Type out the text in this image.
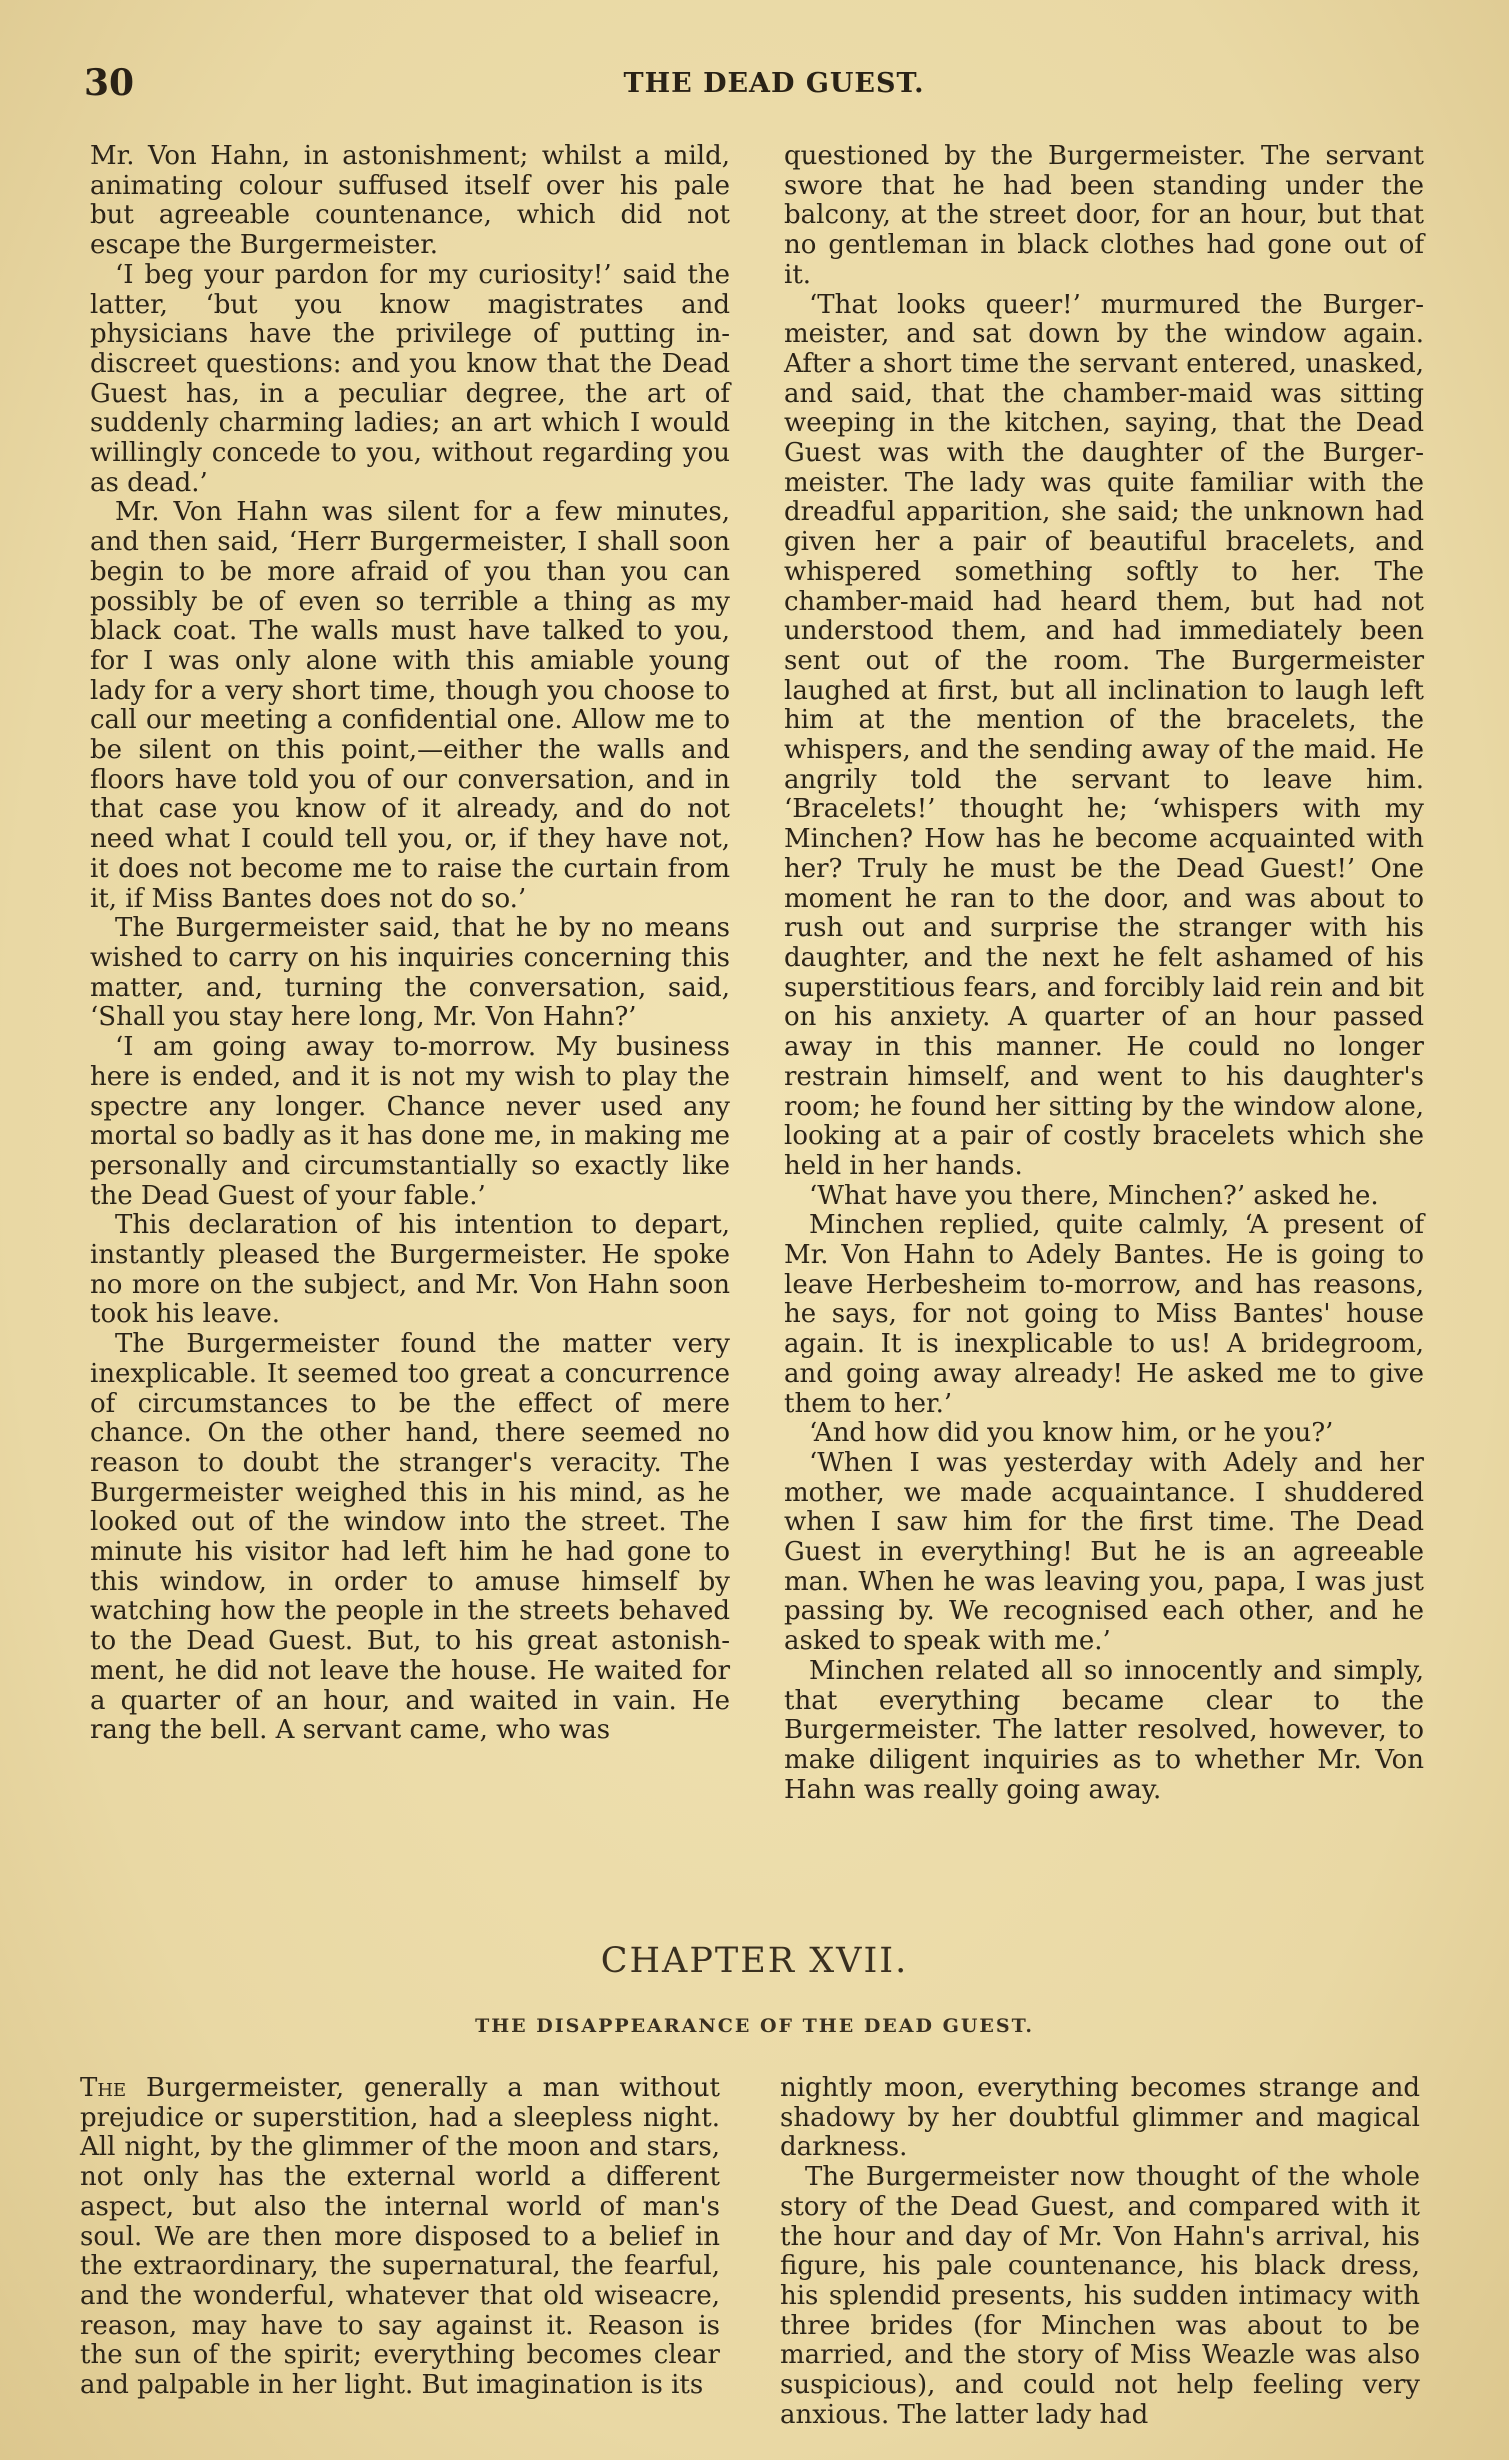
30	THE DEAD GUEST.

Mr. Von Hahn, in astonishment; whilst a mild, animating colour suffused itself over his pale but agreeable countenance, which did not escape the Burgermeister.

‘I beg your pardon for my curiosity!’ said the latter, ‘but you know magistrates and physicians have the privilege of putting indiscreet questions: and you know that the Dead Guest has, in a peculiar degree, the art of suddenly charming ladies; an art which I would willingly concede to you, without regarding you as dead.’

Mr. Von Hahn was silent for a few minutes, and then said, ‘Herr Burgermeister, I shall soon begin to be more afraid of you than you can possibly be of even so terrible a thing as my black coat. The walls must have talked to you, for I was only alone with this amiable young lady for a very short time, though you choose to call our meeting a confidential one. Allow me to be silent on this point,—either the walls and floors have told you of our conversation, and in that case you know of it already, and do not need what I could tell you, or, if they have not, it does not become me to raise the curtain from it, if Miss Bantes does not do so.’

The Burgermeister said, that he by no means wished to carry on his inquiries concerning this matter, and, turning the conversation, said, ‘Shall you stay here long, Mr. Von Hahn?’

‘I am going away to-morrow. My business here is ended, and it is not my wish to play the spectre any longer. Chance never used any mortal so badly as it has done me, in making me personally and circumstantially so exactly like the Dead Guest of your fable.’

This declaration of his intention to depart, instantly pleased the Burgermeister. He spoke no more on the subject, and Mr. Von Hahn soon took his leave.

The Burgermeister found the matter very inexplicable. It seemed too great a concurrence of circumstances to be the effect of mere chance. On the other hand, there seemed no reason to doubt the stranger's veracity. The Burgermeister weighed this in his mind, as he looked out of the window into the street. The minute his visitor had left him he had gone to this window, in order to amuse himself by watching how the people in the streets behaved to the Dead Guest. But, to his great astonishment, he did not leave the house. He waited for a quarter of an hour, and waited in vain. He rang the bell. A servant came, who was

questioned by the Burgermeister. The servant swore that he had been standing under the balcony, at the street door, for an hour, but that no gentleman in black clothes had gone out of it.

‘That looks queer!’ murmured the Burgermeister, and sat down by the window again. After a short time the servant entered, unasked, and said, that the chamber-maid was sitting weeping in the kitchen, saying, that the Dead Guest was with the daughter of the Burgermeister. The lady was quite familiar with the dreadful apparition, she said; the unknown had given her a pair of beautiful bracelets, and whispered something softly to her. The chamber-maid had heard them, but had not understood them, and had immediately been sent out of the room. The Burgermeister laughed at first, but all inclination to laugh left him at the mention of the bracelets, the whispers, and the sending away of the maid. He angrily told the servant to leave him. ‘Bracelets!’ thought he; ‘whispers with my Minchen? How has he become acquainted with her? Truly he must be the Dead Guest!’ One moment he ran to the door, and was about to rush out and surprise the stranger with his daughter, and the next he felt ashamed of his superstitious fears, and forcibly laid rein and bit on his anxiety. A quarter of an hour passed away in this manner. He could no longer restrain himself, and went to his daughter's room; he found her sitting by the window alone, looking at a pair of costly bracelets which she held in her hands.

‘What have you there, Minchen?’ asked he.

Minchen replied, quite calmly, ‘A present of Mr. Von Hahn to Adely Bantes. He is going to leave Herbesheim to-morrow, and has reasons, he says, for not going to Miss Bantes' house again. It is inexplicable to us! A bridegroom, and going away already! He asked me to give them to her.’

‘And how did you know him, or he you?’

‘When I was yesterday with Adely and her mother, we made acquaintance. I shuddered when I saw him for the first time. The Dead Guest in everything! But he is an agreeable man. When he was leaving you, papa, I was just passing by. We recognised each other, and he asked to speak with me.’

Minchen related all so innocently and simply, that everything became clear to the Burgermeister. The latter resolved, however, to make diligent inquiries as to whether Mr. Von Hahn was really going away.

CHAPTER XVII.
THE DISAPPEARANCE OF THE DEAD GUEST.

The Burgermeister, generally a man without prejudice or superstition, had a sleepless night. All night, by the glimmer of the moon and stars, not only has the external world a different aspect, but also the internal world of man's soul. We are then more disposed to a belief in the extraordinary, the supernatural, the fearful, and the wonderful, whatever that old wiseacre, reason, may have to say against it. Reason is the sun of the spirit; everything becomes clear and palpable in her light. But imagination is its

nightly moon, everything becomes strange and shadowy by her doubtful glimmer and magical darkness.

The Burgermeister now thought of the whole story of the Dead Guest, and compared with it the hour and day of Mr. Von Hahn's arrival, his figure, his pale countenance, his black dress, his splendid presents, his sudden intimacy with three brides (for Minchen was about to be married, and the story of Miss Weazle was also suspicious), and could not help feeling very anxious. The latter lady had
